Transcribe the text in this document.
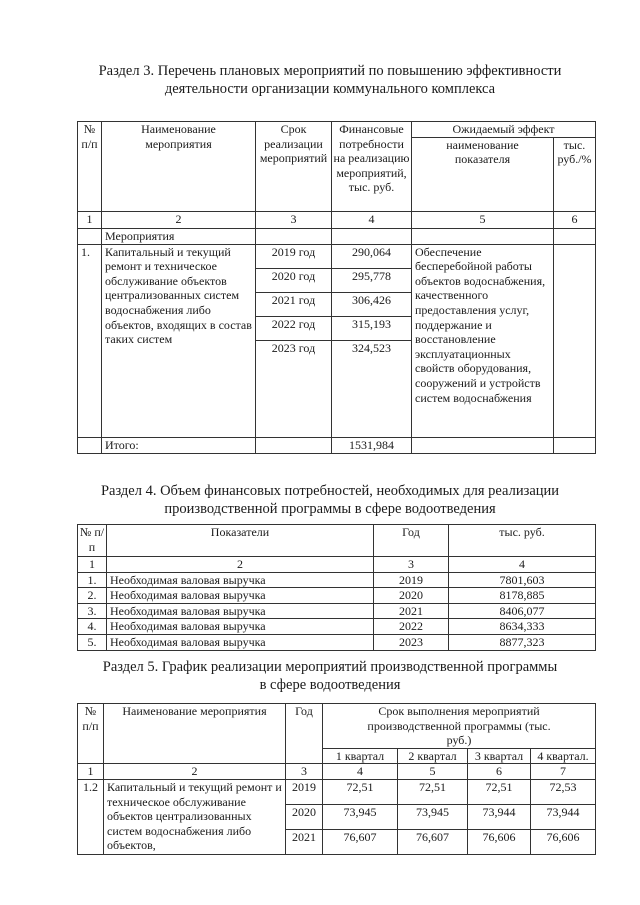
Раздел 3. Перечень плановых мероприятий по повышению эффективности
деятельности организации коммунального комплекса
№ п/п	Наименование мероприятия	Срок реализации мероприятий	Финансовые потребности на реализацию мероприятий, тыс. руб.	Ожидаемый эффект	
				наименование показателя	тыс. руб./%
1	2	3	4	5	6
	Мероприятия				
1.	Капитальный и текущий ремонт и техническое обслуживание объектов централизованных систем водоснабжения либо объектов, входящих в состав таких систем	2019 год	290,064	Обеспечение бесперебойной работы объектов водоснабжения, качественного предоставления услуг, поддержание и восстановление эксплуатационных свойств оборудования, сооружений и устройств систем водоснабжения	
		2020 год	295,778		
		2021 год	306,426		
		2022 год	315,193		
		2023 год	324,523		
	Итого:		1531,984		
Раздел 4. Объем финансовых потребностей, необходимых для реализации
производственной программы в сфере водоотведения
№ п/п	Показатели	Год	тыс. руб.
1	2	3	4
1.	Необходимая валовая выручка	2019	7801,603
2.	Необходимая валовая выручка	2020	8178,885
3.	Необходимая валовая выручка	2021	8406,077
4.	Необходимая валовая выручка	2022	8634,333
5.	Необходимая валовая выручка	2023	8877,323
Раздел 5. График реализации мероприятий производственной программы
в сфере водоотведения
№ п/п	Наименование мероприятия	Год	Срок выполнения мероприятий производственной программы (тыс. руб.)			
			1 квартал	2 квартал	3 квартал	4 квартал.
1	2	3	4	5	6	7
1.2	Капитальный и текущий ремонт и техническое обслуживание объектов централизованных систем водоснабжения либо объектов,	2019	72,51	72,51	72,51	72,53
		2020	73,945	73,945	73,944	73,944
		2021	76,607	76,607	76,606	76,606
